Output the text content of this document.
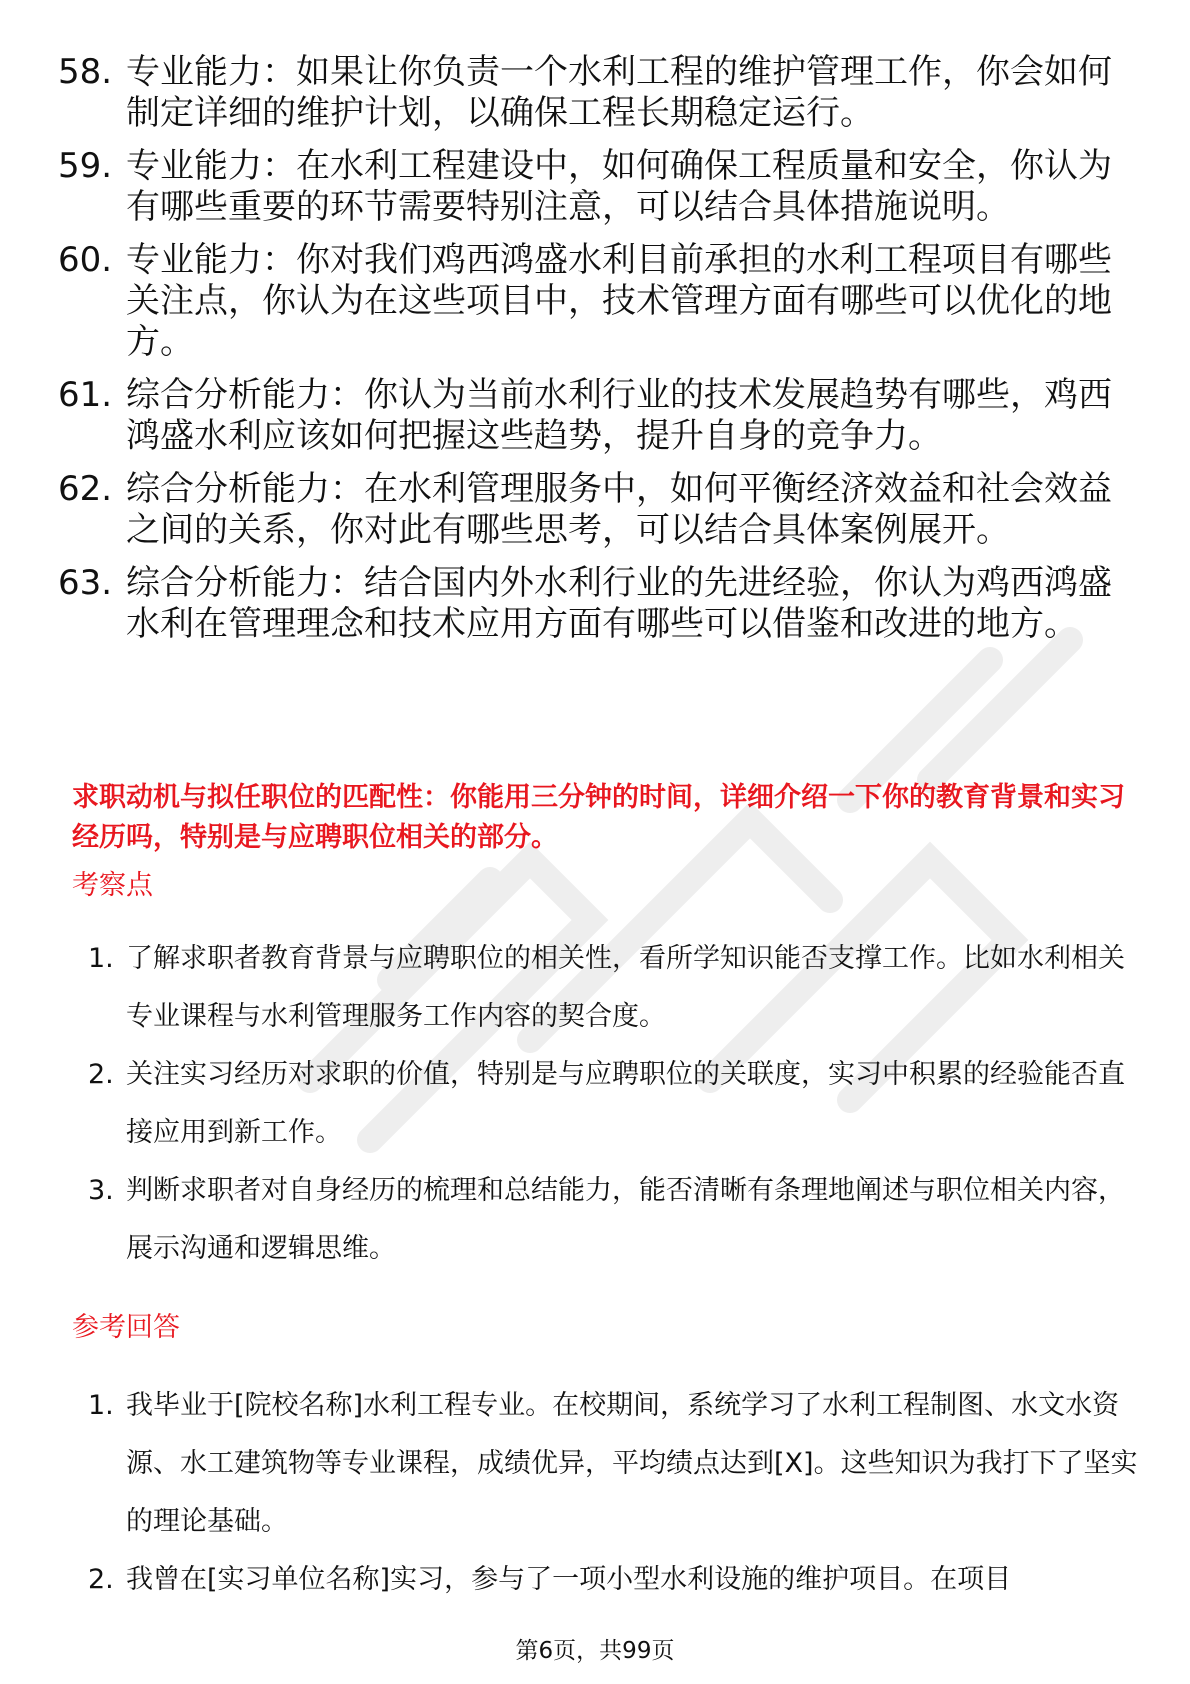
58. 专业能力：如果让你负责一个水利工程的维护管理工作，你会如何制定详细的维护计划，以确保工程长期稳定运行。
59. 专业能力：在水利工程建设中，如何确保工程质量和安全，你认为有哪些重要的环节需要特别注意，可以结合具体措施说明。
60. 专业能力：你对我们鸡西鸿盛水利目前承担的水利工程项目有哪些关注点，你认为在这些项目中，技术管理方面有哪些可以优化的地方。
61. 综合分析能力：你认为当前水利行业的技术发展趋势有哪些，鸡西鸿盛水利应该如何把握这些趋势，提升自身的竞争力。
62. 综合分析能力：在水利管理服务中，如何平衡经济效益和社会效益之间的关系，你对此有哪些思考，可以结合具体案例展开。
63. 综合分析能力：结合国内外水利行业的先进经验，你认为鸡西鸿盛水利在管理理念和技术应用方面有哪些可以借鉴和改进的地方。
求职动机与拟任职位的匹配性：你能用三分钟的时间，详细介绍一下你的教育背景和实习经历吗，特别是与应聘职位相关的部分。
考察点
1. 了解求职者教育背景与应聘职位的相关性，看所学知识能否支撑工作。比如水利相关专业课程与水利管理服务工作内容的契合度。
2. 关注实习经历对求职的价值，特别是与应聘职位的关联度，实习中积累的经验能否直接应用到新工作。
3. 判断求职者对自身经历的梳理和总结能力，能否清晰有条理地阐述与职位相关内容，展示沟通和逻辑思维。
参考回答
1. 我毕业于[院校名称]水利工程专业。在校期间，系统学习了水利工程制图、水文水资源、水工建筑物等专业课程，成绩优异，平均绩点达到[X]。这些知识为我打下了坚实的理论基础。
2. 我曾在[实习单位名称]实习，参与了一项小型水利设施的维护项目。在项目
第6页，共99页
